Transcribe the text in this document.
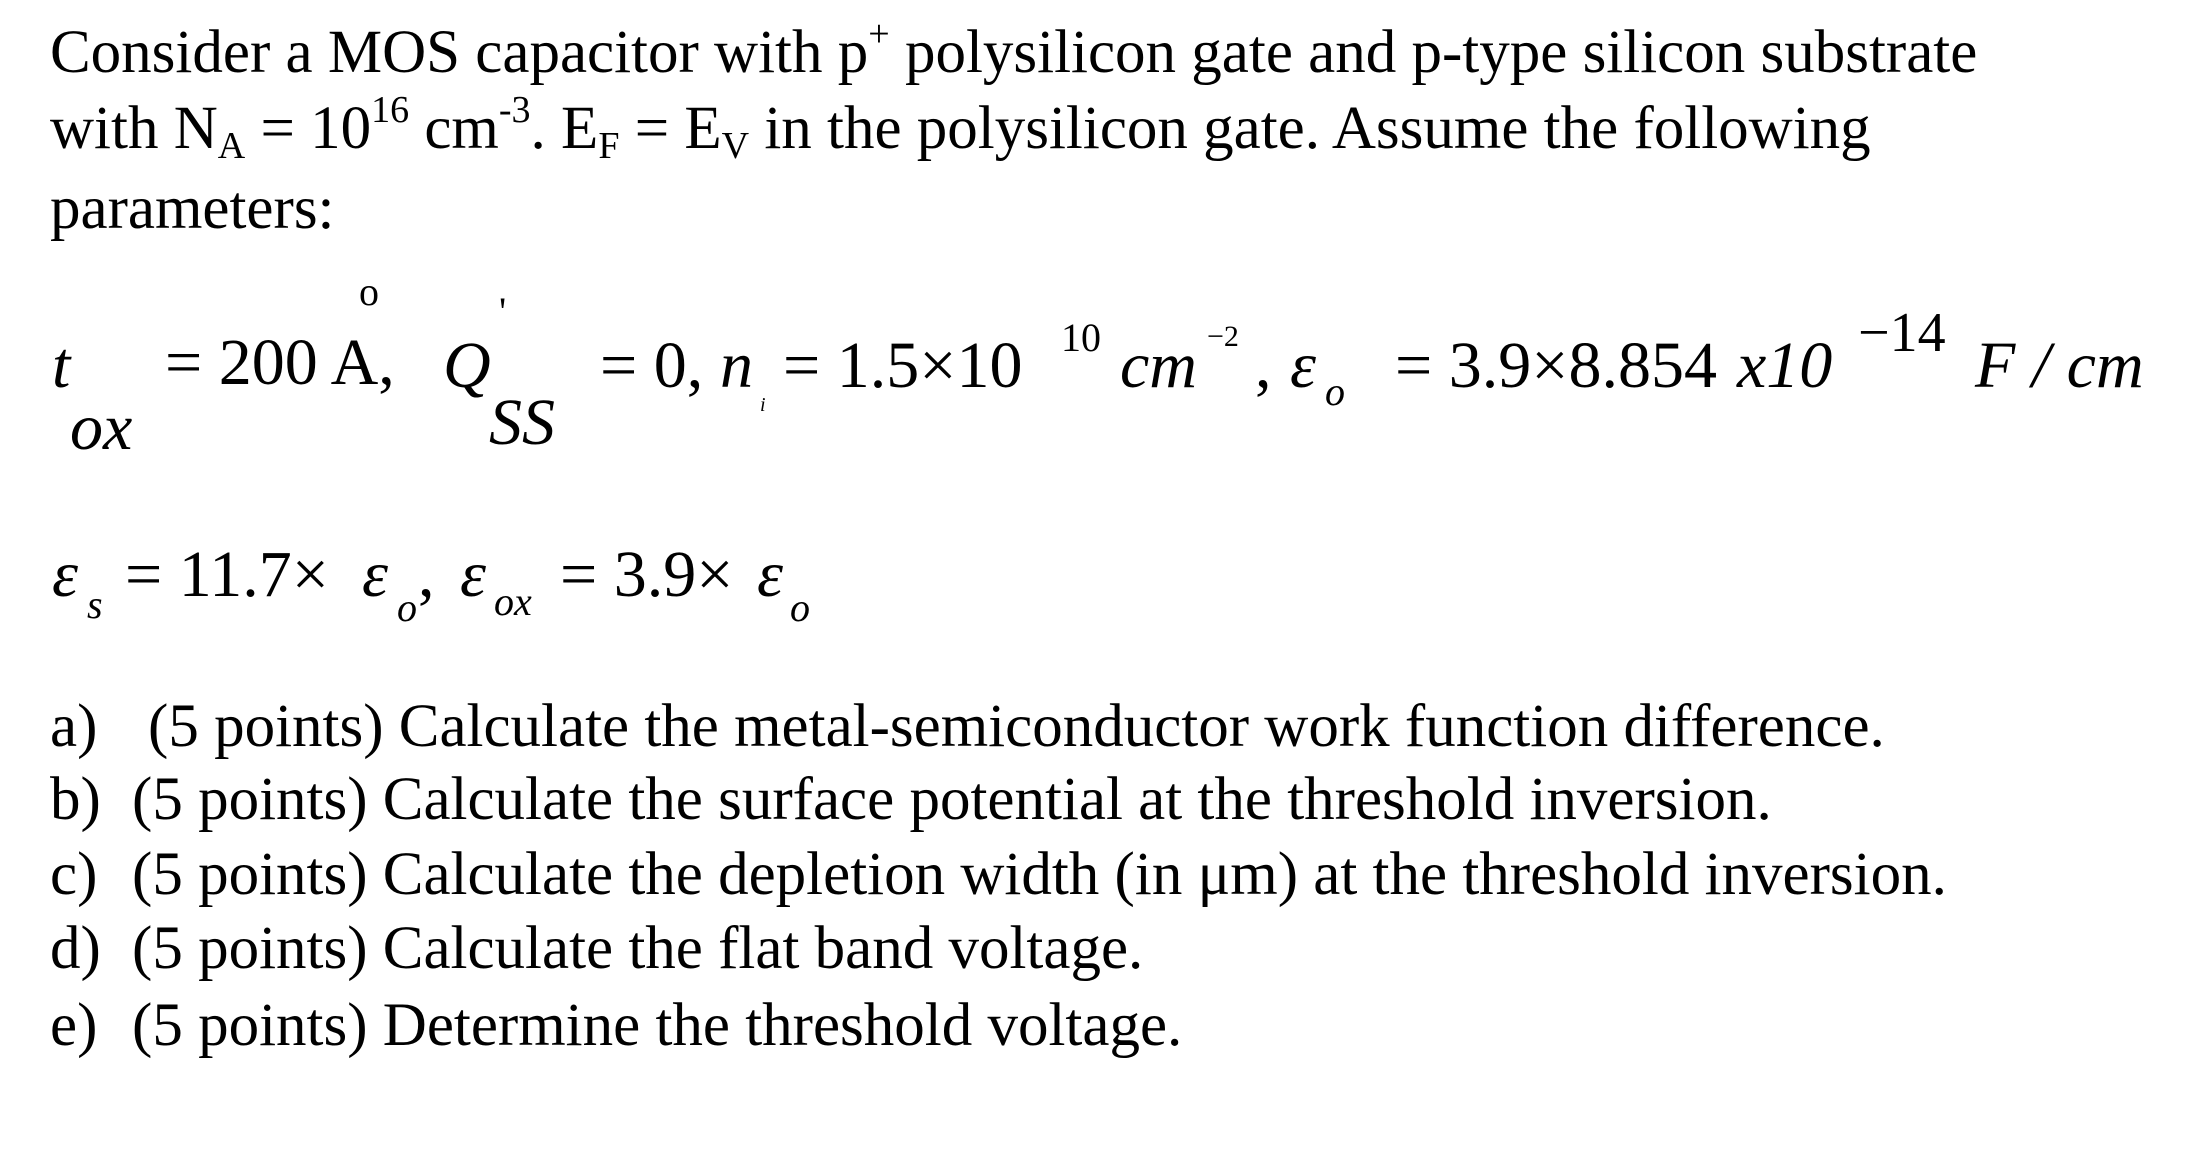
Consider a MOS capacitor with p+ polysilicon gate and p-type silicon substrate
with NA = $10^{16}$ $cm^{-3}$. EF = EV in the polysilicon gate. Assume the following
parameters:
t
ox
= 200 A,
o
Q
'
SS
= 0, n
i
= 1.5×10 10 cm −2 , ε o = 3.9×8.854 x10 −14 F / cm
ε s = 11.7× ε o , ε ox = 3.9× ε o
a) (5 points) Calculate the metal-semiconductor work function difference.
b) (5 points) Calculate the surface potential at the threshold inversion.
c) (5 points) Calculate the depletion width (in μm) at the threshold inversion.
d) (5 points) Calculate the flat band voltage.
e) (5 points) Determine the threshold voltage.
